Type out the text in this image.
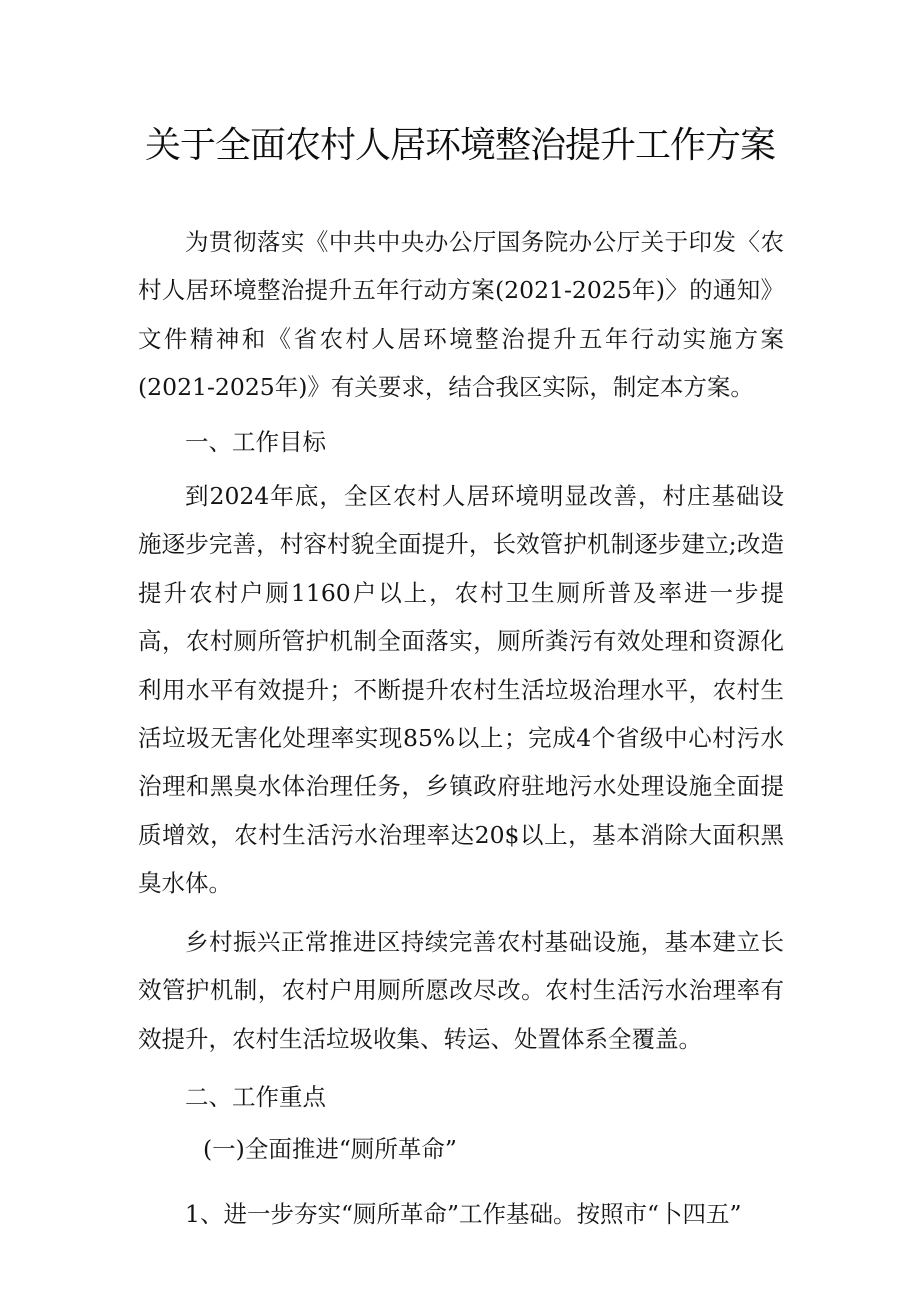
关于全面农村人居环境整治提升工作方案

为贯彻落实《中共中央办公厅国务院办公厅关于印发〈农村人居环境整治提升五年行动方案(2021-2025年)〉的通知》文件精神和《省农村人居环境整治提升五年行动实施方案(2021-2025年)》有关要求，结合我区实际，制定本方案。

一、工作目标

到2024年底，全区农村人居环境明显改善，村庄基础设施逐步完善，村容村貌全面提升，长效管护机制逐步建立;改造提升农村户厕1160户以上，农村卫生厕所普及率进一步提高，农村厕所管护机制全面落实，厕所粪污有效处理和资源化利用水平有效提升；不断提升农村生活垃圾治理水平，农村生活垃圾无害化处理率实现85%以上；完成4个省级中心村污水治理和黑臭水体治理任务，乡镇政府驻地污水处理设施全面提质增效，农村生活污水治理率达20$以上，基本消除大面积黑臭水体。

乡村振兴正常推进区持续完善农村基础设施，基本建立长效管护机制，农村户用厕所愿改尽改。农村生活污水治理率有效提升，农村生活垃圾收集、转运、处置体系全覆盖。

二、工作重点

(一)全面推进“厕所革命”

1、进一步夯实“厕所革命”工作基础。按照市“卜四五”
